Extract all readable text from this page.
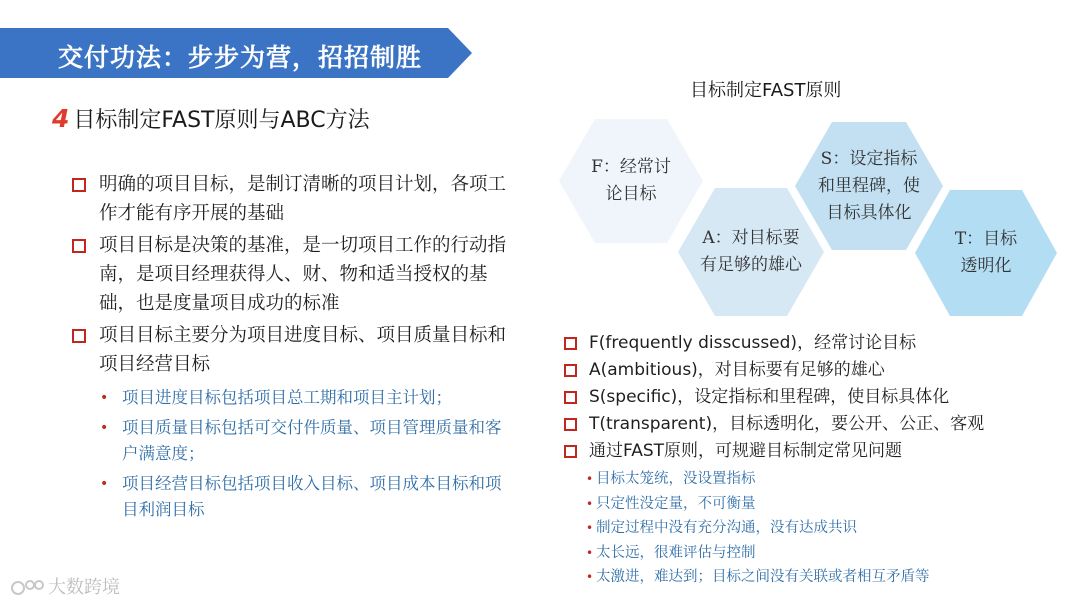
交付功法：步步为营，招招制胜
4 目标制定FAST原则与ABC方法
明确的项目目标，是制订清晰的项目计划，各项工作才能有序开展的基础
项目目标是决策的基准，是一切项目工作的行动指南，是项目经理获得人、财、物和适当授权的基础，也是度量项目成功的标准
项目目标主要分为项目进度目标、项目质量目标和项目经营目标
• 项目进度目标包括项目总工期和项目主计划；
• 项目质量目标包括可交付件质量、项目管理质量和客户满意度；
• 项目经营目标包括项目收入目标、项目成本目标和项目利润目标
目标制定FAST原则
F：经常讨论目标
A：对目标要有足够的雄心
S：设定指标和里程碑，使目标具体化
T：目标透明化
F(frequently disscussed)，经常讨论目标
A(ambitious)，对目标要有足够的雄心
S(specific)，设定指标和里程碑，使目标具体化
T(transparent)，目标透明化，要公开、公正、客观
通过FAST原则，可规避目标制定常见问题
• 目标太笼统，没设置指标
• 只定性没定量，不可衡量
• 制定过程中没有充分沟通，没有达成共识
• 太长远，很难评估与控制
• 太激进，难达到；目标之间没有关联或者相互矛盾等
大数跨境
